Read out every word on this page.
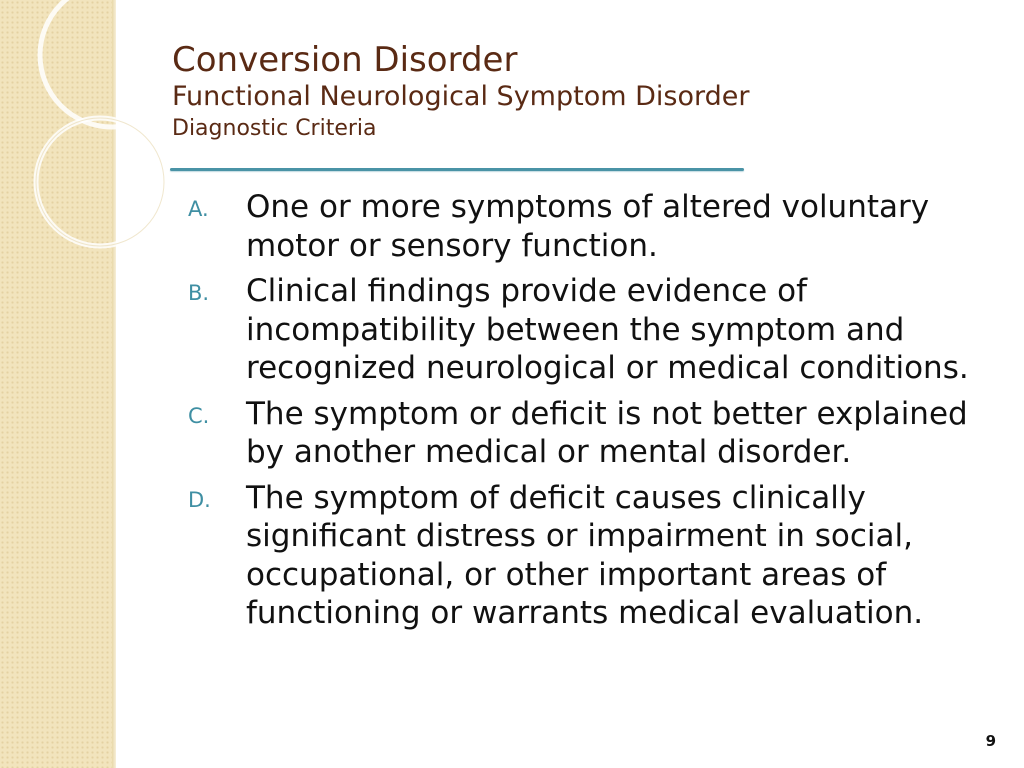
Conversion Disorder
Functional Neurological Symptom Disorder
Diagnostic Criteria
A.	One or more symptoms of altered voluntary motor or sensory function.
B.	Clinical findings provide evidence of incompatibility between the symptom and recognized neurological or medical conditions.
C.	The symptom or deficit is not better explained by another medical or mental disorder.
D.	The symptom of deficit causes clinically significant distress or impairment in social, occupational, or other important areas of functioning or warrants medical evaluation.
9
